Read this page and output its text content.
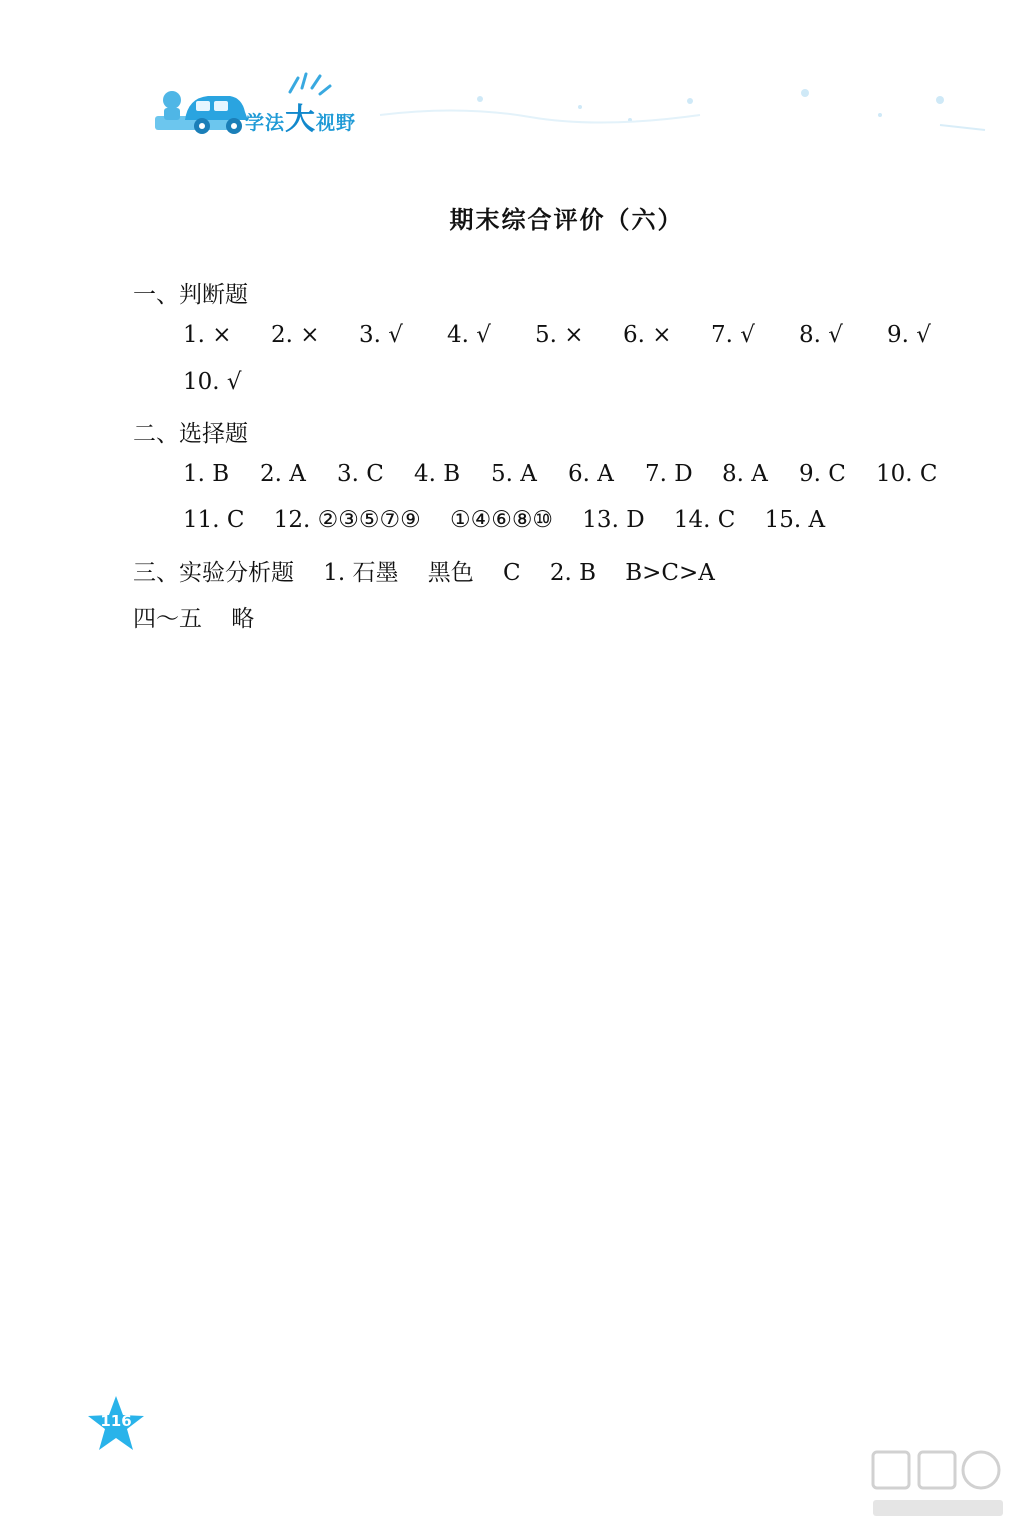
学法大视野
期末综合评价（六）
一、判断题
1. ×	2. ×	3. √	4. √	5. ×	6. ×	7. √	8. √	9. √
10. √
二、选择题
1. B	2. A	3. C	4. B	5. A	6. A	7. D	8. A	9. C	10. C
11. C    12. ②③⑤⑦⑨    ①④⑥⑧⑩    13. D    14. C    15. A
三、实验分析题    1. 石墨    黑色    C    2. B    B>C>A
四～五    略
116
